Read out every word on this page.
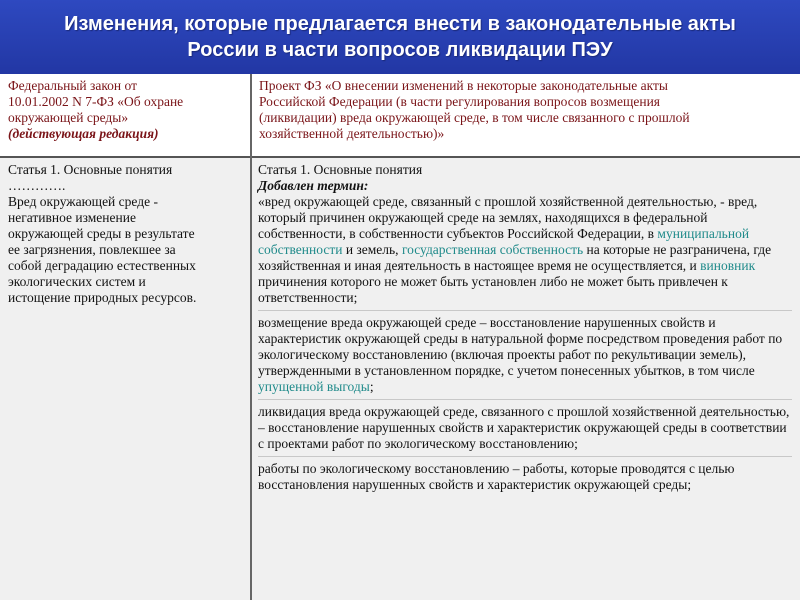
Изменения, которые предлагается внести в законодательные акты
России в части вопросов ликвидации ПЭУ
Федеральный закон от
10.01.2002 N 7-ФЗ «Об охране
окружающей среды»
(действующая редакция)
Проект ФЗ «О внесении изменений в некоторые законодательные акты
Российской Федерации (в части регулирования вопросов возмещения
(ликвидации) вреда окружающей среде, в том числе связанного с прошлой
хозяйственной деятельностью)»
Статья 1. Основные понятия
………….
Вред окружающей среде -
негативное изменение
окружающей среды в результате
ее загрязнения, повлекшее за
собой деградацию естественных
экологических систем и
истощение природных ресурсов.
Статья 1. Основные понятия
Добавлен термин:

«вред окружающей среде, связанный с прошлой хозяйственной деятельностью, - вред, который причинен окружающей среде на землях, находящихся в федеральной собственности, в собственности субъектов Российской Федерации, в муниципальной собственности и земель, государственная собственность на которые не разграничена, где хозяйственная и иная деятельность в настоящее время не осуществляется, и виновник причинения которого не может быть установлен либо не может быть привлечен к ответственности;

возмещение вреда окружающей среде – восстановление нарушенных свойств и характеристик окружающей среды в натуральной форме посредством проведения работ по экологическому восстановлению (включая проекты работ по рекультивации земель), утвержденными в установленном порядке, с учетом понесенных убытков, в том числе упущенной выгоды;

ликвидация вреда окружающей среде, связанного с прошлой хозяйственной деятельностью, – восстановление нарушенных свойств и характеристик окружающей среды в соответствии с проектами работ по экологическому восстановлению;

работы по экологическому восстановлению – работы, которые проводятся с целью восстановления нарушенных свойств и характеристик окружающей среды;
